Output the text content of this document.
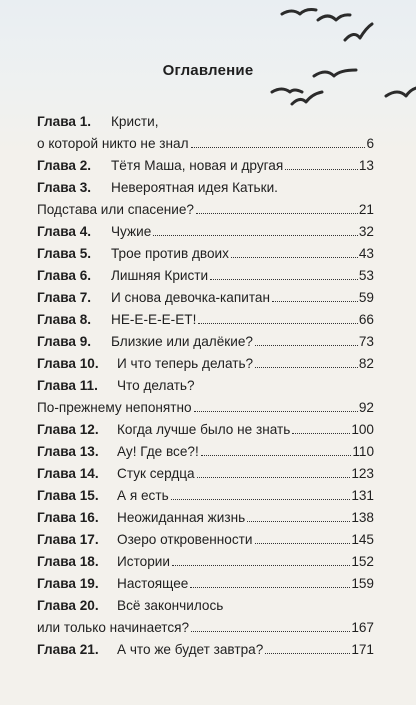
Оглавление
Глава 1.	Кристи,
о которой никто не знал	6
Глава 2.	Тётя Маша, новая и другая	13
Глава 3.	Невероятная идея Катьки.
Подстава или спасение?	21
Глава 4.	Чужие	32
Глава 5.	Трое против двоих	43
Глава 6.	Лишняя Кристи	53
Глава 7.	И снова девочка-капитан	59
Глава 8.	НЕ-Е-Е-Е-ЕТ!	66
Глава 9.	Близкие или далёкие?	73
Глава 10.	И что теперь делать?	82
Глава 11.	Что делать?
По-прежнему непонятно	92
Глава 12.	Когда лучше было не знать	100
Глава 13.	Ау! Где все?!	110
Глава 14.	Стук сердца	123
Глава 15.	А я есть	131
Глава 16.	Неожиданная жизнь	138
Глава 17.	Озеро откровенности	145
Глава 18.	Истории	152
Глава 19.	Настоящее	159
Глава 20.	Всё закончилось
или только начинается?	167
Глава 21.	А что же будет завтра?	171
